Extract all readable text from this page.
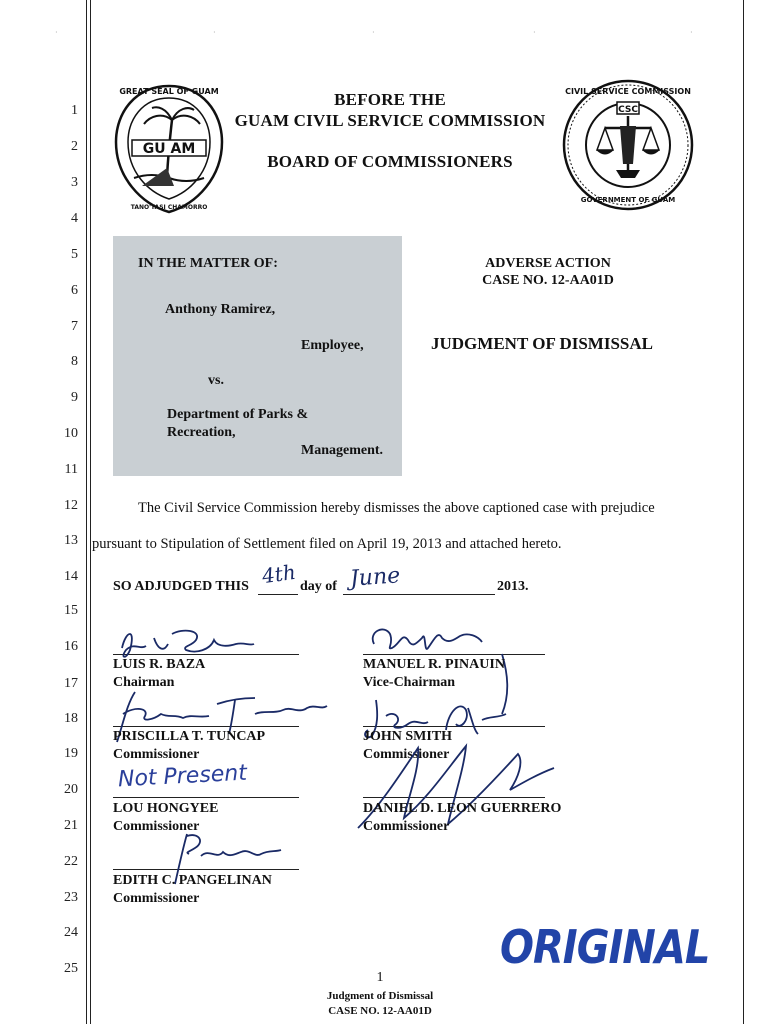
·	·	·	·	·
1
2
3
4
5
6
7
8
9
10
11
12
13
14
15
16
17
18
19
20
21
22
23
24
25
GREAT SEAL OF GUAM
GU AM
TANO'TASI CHAMORRO
CSC
CIVIL SERVICE COMMISSION
GOVERNMENT OF GUAM
BEFORE THE
GUAM CIVIL SERVICE COMMISSION
BOARD OF COMMISSIONERS
IN THE MATTER OF:
Anthony Ramirez,
Employee,
vs.
Department of Parks &
Recreation,
Management.
ADVERSE ACTION
CASE NO. 12-AA01D
JUDGMENT OF DISMISSAL
The Civil Service Commission hereby dismisses the above captioned case with prejudice
pursuant to Stipulation of Settlement filed on April 19, 2013 and attached hereto.
SO ADJUDGED THIS 4th day of June	2013.
LUIS R. BAZA
Chairman
PRISCILLA T. TUNCAP
Commissioner
Not Present
LOU HONGYEE
Commissioner
EDITH C. PANGELINAN
Commissioner
MANUEL R. PINAUIN
Vice-Chairman
JOHN SMITH
Commissioner
DANIEL D. LEON GUERRERO
Commissioner
ORIGINAL
1
Judgment of Dismissal
CASE NO. 12-AA01D
